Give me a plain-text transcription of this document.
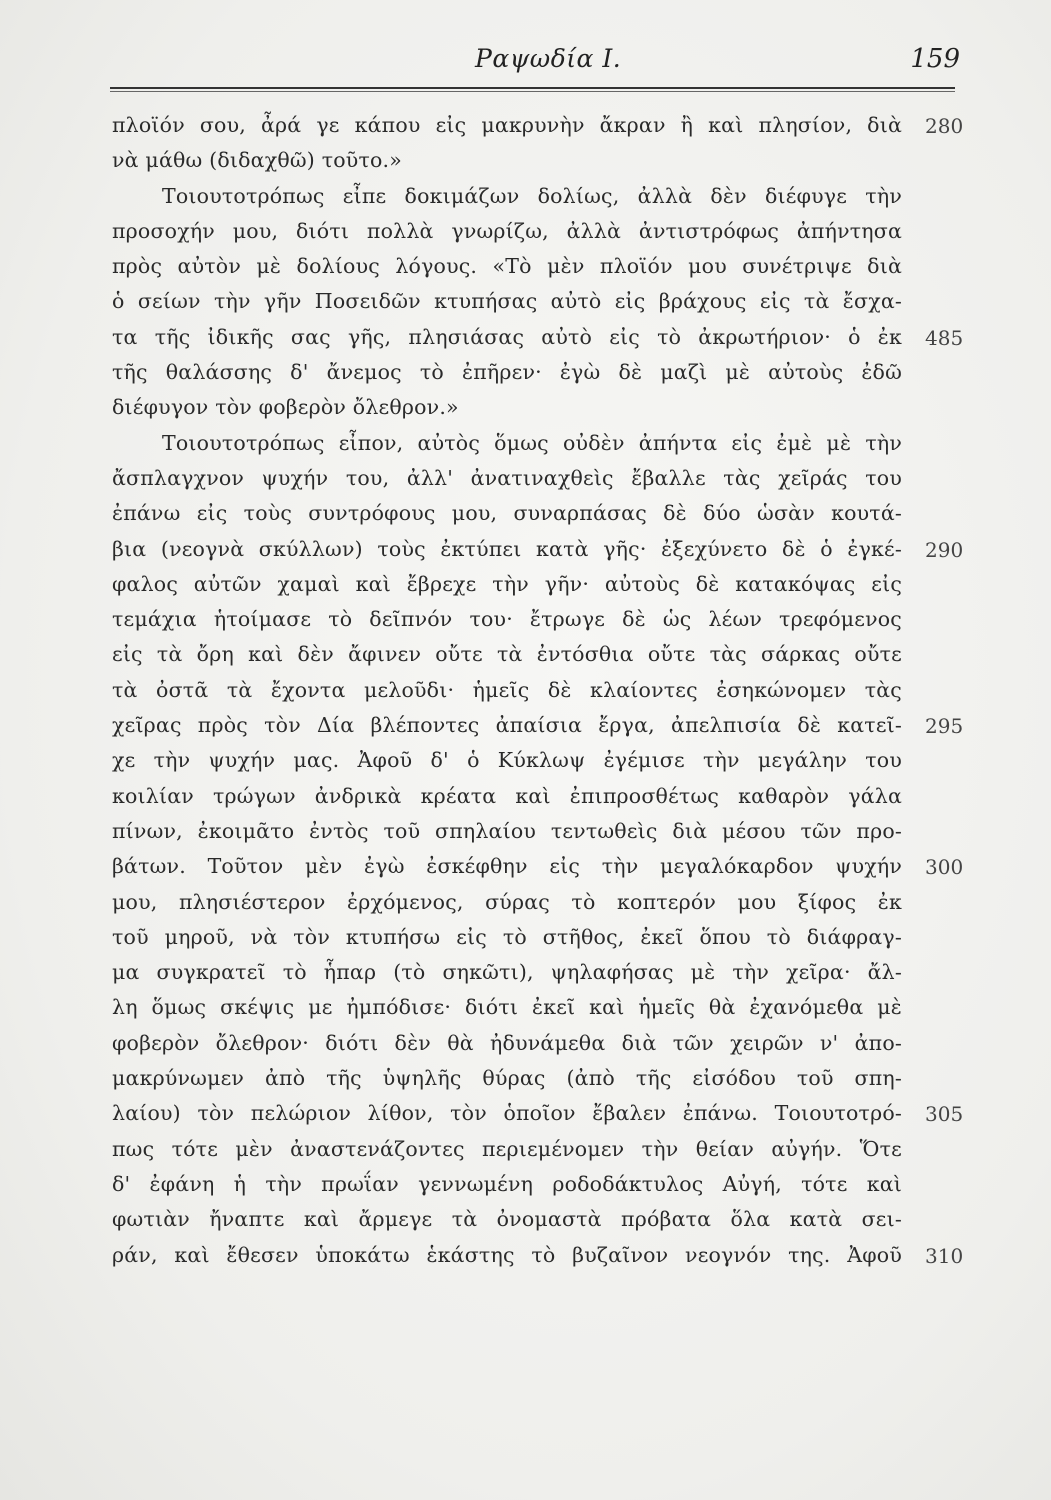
Ραψωδία Ι.	159
πλοϊόν σου, ἆρά γε κάπου εἰς μακρυνὴν ἄκραν ἢ καὶ πλησίον, διὰ
νὰ μάθω (διδαχθῶ) τοῦτο.»
Τοιουτοτρόπως εἶπε δοκιμάζων δολίως, ἀλλὰ δὲν διέφυγε τὴν
προσοχήν μου, διότι πολλὰ γνωρίζω, ἀλλὰ ἀντιστρόφως ἀπήντησα
πρὸς αὐτὸν μὲ δολίους λόγους. «Τὸ μὲν πλοϊόν μου συνέτριψε διὰ
ὁ σείων τὴν γῆν Ποσειδῶν κτυπήσας αὐτὸ εἰς βράχους εἰς τὰ ἔσχα-
τα τῆς ἰδικῆς σας γῆς, πλησιάσας αὐτὸ εἰς τὸ ἀκρωτήριον· ὁ ἐκ
τῆς θαλάσσης δ' ἄνεμος τὸ ἐπῆρεν· ἐγὼ δὲ μαζὶ μὲ αὐτοὺς ἐδῶ
διέφυγον τὸν φοβερὸν ὄλεθρον.»
Τοιουτοτρόπως εἶπον, αὐτὸς ὅμως οὐδὲν ἀπήντα εἰς ἐμὲ μὲ τὴν
ἄσπλαγχνον ψυχήν του, ἀλλ' ἀνατιναχθεὶς ἔβαλλε τὰς χεῖράς του
ἐπάνω εἰς τοὺς συντρόφους μου, συναρπάσας δὲ δύο ὡσὰν κουτά-
βια (νεογνὰ σκύλλων) τοὺς ἐκτύπει κατὰ γῆς· ἐξεχύνετο δὲ ὁ ἐγκέ-
φαλος αὐτῶν χαμαὶ καὶ ἔβρεχε τὴν γῆν· αὐτοὺς δὲ κατακόψας εἰς
τεμάχια ἡτοίμασε τὸ δεῖπνόν του· ἔτρωγε δὲ ὡς λέων τρεφόμενος
εἰς τὰ ὄρη καὶ δὲν ἄφινεν οὔτε τὰ ἐντόσθια οὔτε τὰς σάρκας οὔτε
τὰ ὀστᾶ τὰ ἔχοντα μελοῦδι· ἡμεῖς δὲ κλαίοντες ἐσηκώνομεν τὰς
χεῖρας πρὸς τὸν Δία βλέποντες ἀπαίσια ἔργα, ἀπελπισία δὲ κατεῖ-
χε τὴν ψυχήν μας. Ἀφοῦ δ' ὁ Κύκλωψ ἐγέμισε τὴν μεγάλην του
κοιλίαν τρώγων ἀνδρικὰ κρέατα καὶ ἐπιπροσθέτως καθαρὸν γάλα
πίνων, ἐκοιμᾶτο ἐντὸς τοῦ σπηλαίου τεντωθεὶς διὰ μέσου τῶν προ-
βάτων. Τοῦτον μὲν ἐγὼ ἐσκέφθην εἰς τὴν μεγαλόκαρδον ψυχήν
μου, πλησιέστερον ἐρχόμενος, σύρας τὸ κοπτερόν μου ξίφος ἐκ
τοῦ μηροῦ, νὰ τὸν κτυπήσω εἰς τὸ στῆθος, ἐκεῖ ὅπου τὸ διάφραγ-
μα συγκρατεῖ τὸ ἧπαρ (τὸ σηκῶτι), ψηλαφήσας μὲ τὴν χεῖρα· ἄλ-
λη ὅμως σκέψις με ἠμπόδισε· διότι ἐκεῖ καὶ ἡμεῖς θὰ ἐχανόμεθα μὲ
φοβερὸν ὄλεθρον· διότι δὲν θὰ ἠδυνάμεθα διὰ τῶν χειρῶν ν' ἀπο-
μακρύνωμεν ἀπὸ τῆς ὑψηλῆς θύρας (ἀπὸ τῆς εἰσόδου τοῦ σπη-
λαίου) τὸν πελώριον λίθον, τὸν ὁποῖον ἔβαλεν ἐπάνω. Τοιουτοτρό-
πως τότε μὲν ἀναστενάζοντες περιεμένομεν τὴν θείαν αὐγήν. Ὅτε
δ' ἐφάνη ἡ τὴν πρωΐαν γεννωμένη ροδοδάκτυλος Αὐγή, τότε καὶ
φωτιὰν ἤναπτε καὶ ἄρμεγε τὰ ὀνομαστὰ πρόβατα ὅλα κατὰ σει-
ράν, καὶ ἔθεσεν ὑποκάτω ἑκάστης τὸ βυζαῖνον νεογνόν της. Ἀφοῦ
280
485
290
295
300
305
310
